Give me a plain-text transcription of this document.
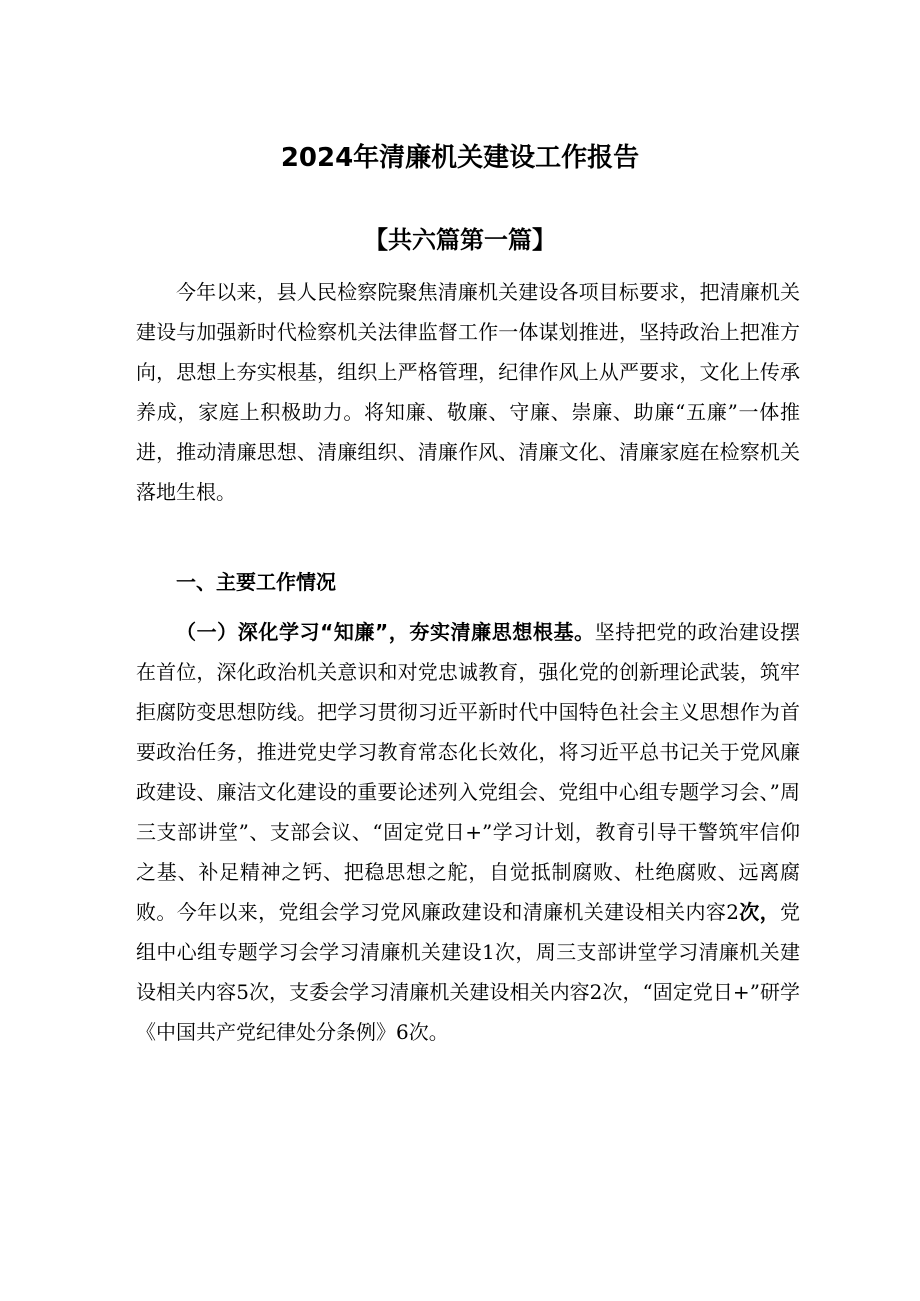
2024年清廉机关建设工作报告
【共六篇第一篇】

今年以来，县人民检察院聚焦清廉机关建设各项目标要求，把清廉机关建设与加强新时代检察机关法律监督工作一体谋划推进，坚持政治上把准方向，思想上夯实根基，组织上严格管理，纪律作风上从严要求，文化上传承养成，家庭上积极助力。将知廉、敬廉、守廉、崇廉、助廉“五廉”一体推进，推动清廉思想、清廉组织、清廉作风、清廉文化、清廉家庭在检察机关落地生根。

一、主要工作情况

（一）深化学习“知廉”，夯实清廉思想根基。坚持把党的政治建设摆在首位，深化政治机关意识和对党忠诚教育，强化党的创新理论武装，筑牢拒腐防变思想防线。把学习贯彻习近平新时代中国特色社会主义思想作为首要政治任务，推进党史学习教育常态化长效化，将习近平总书记关于党风廉政建设、廉洁文化建设的重要论述列入党组会、党组中心组专题学习会、”周三支部讲堂”、支部会议、“固定党日+”学习计划，教育引导干警筑牢信仰之基、补足精神之钙、把稳思想之舵，自觉抵制腐败、杜绝腐败、远离腐败。今年以来，党组会学习党风廉政建设和清廉机关建设相关内容2次，党组中心组专题学习会学习清廉机关建设1次，周三支部讲堂学习清廉机关建设相关内容5次，支委会学习清廉机关建设相关内容2次，“固定党日+”研学《中国共产党纪律处分条例》6次。
